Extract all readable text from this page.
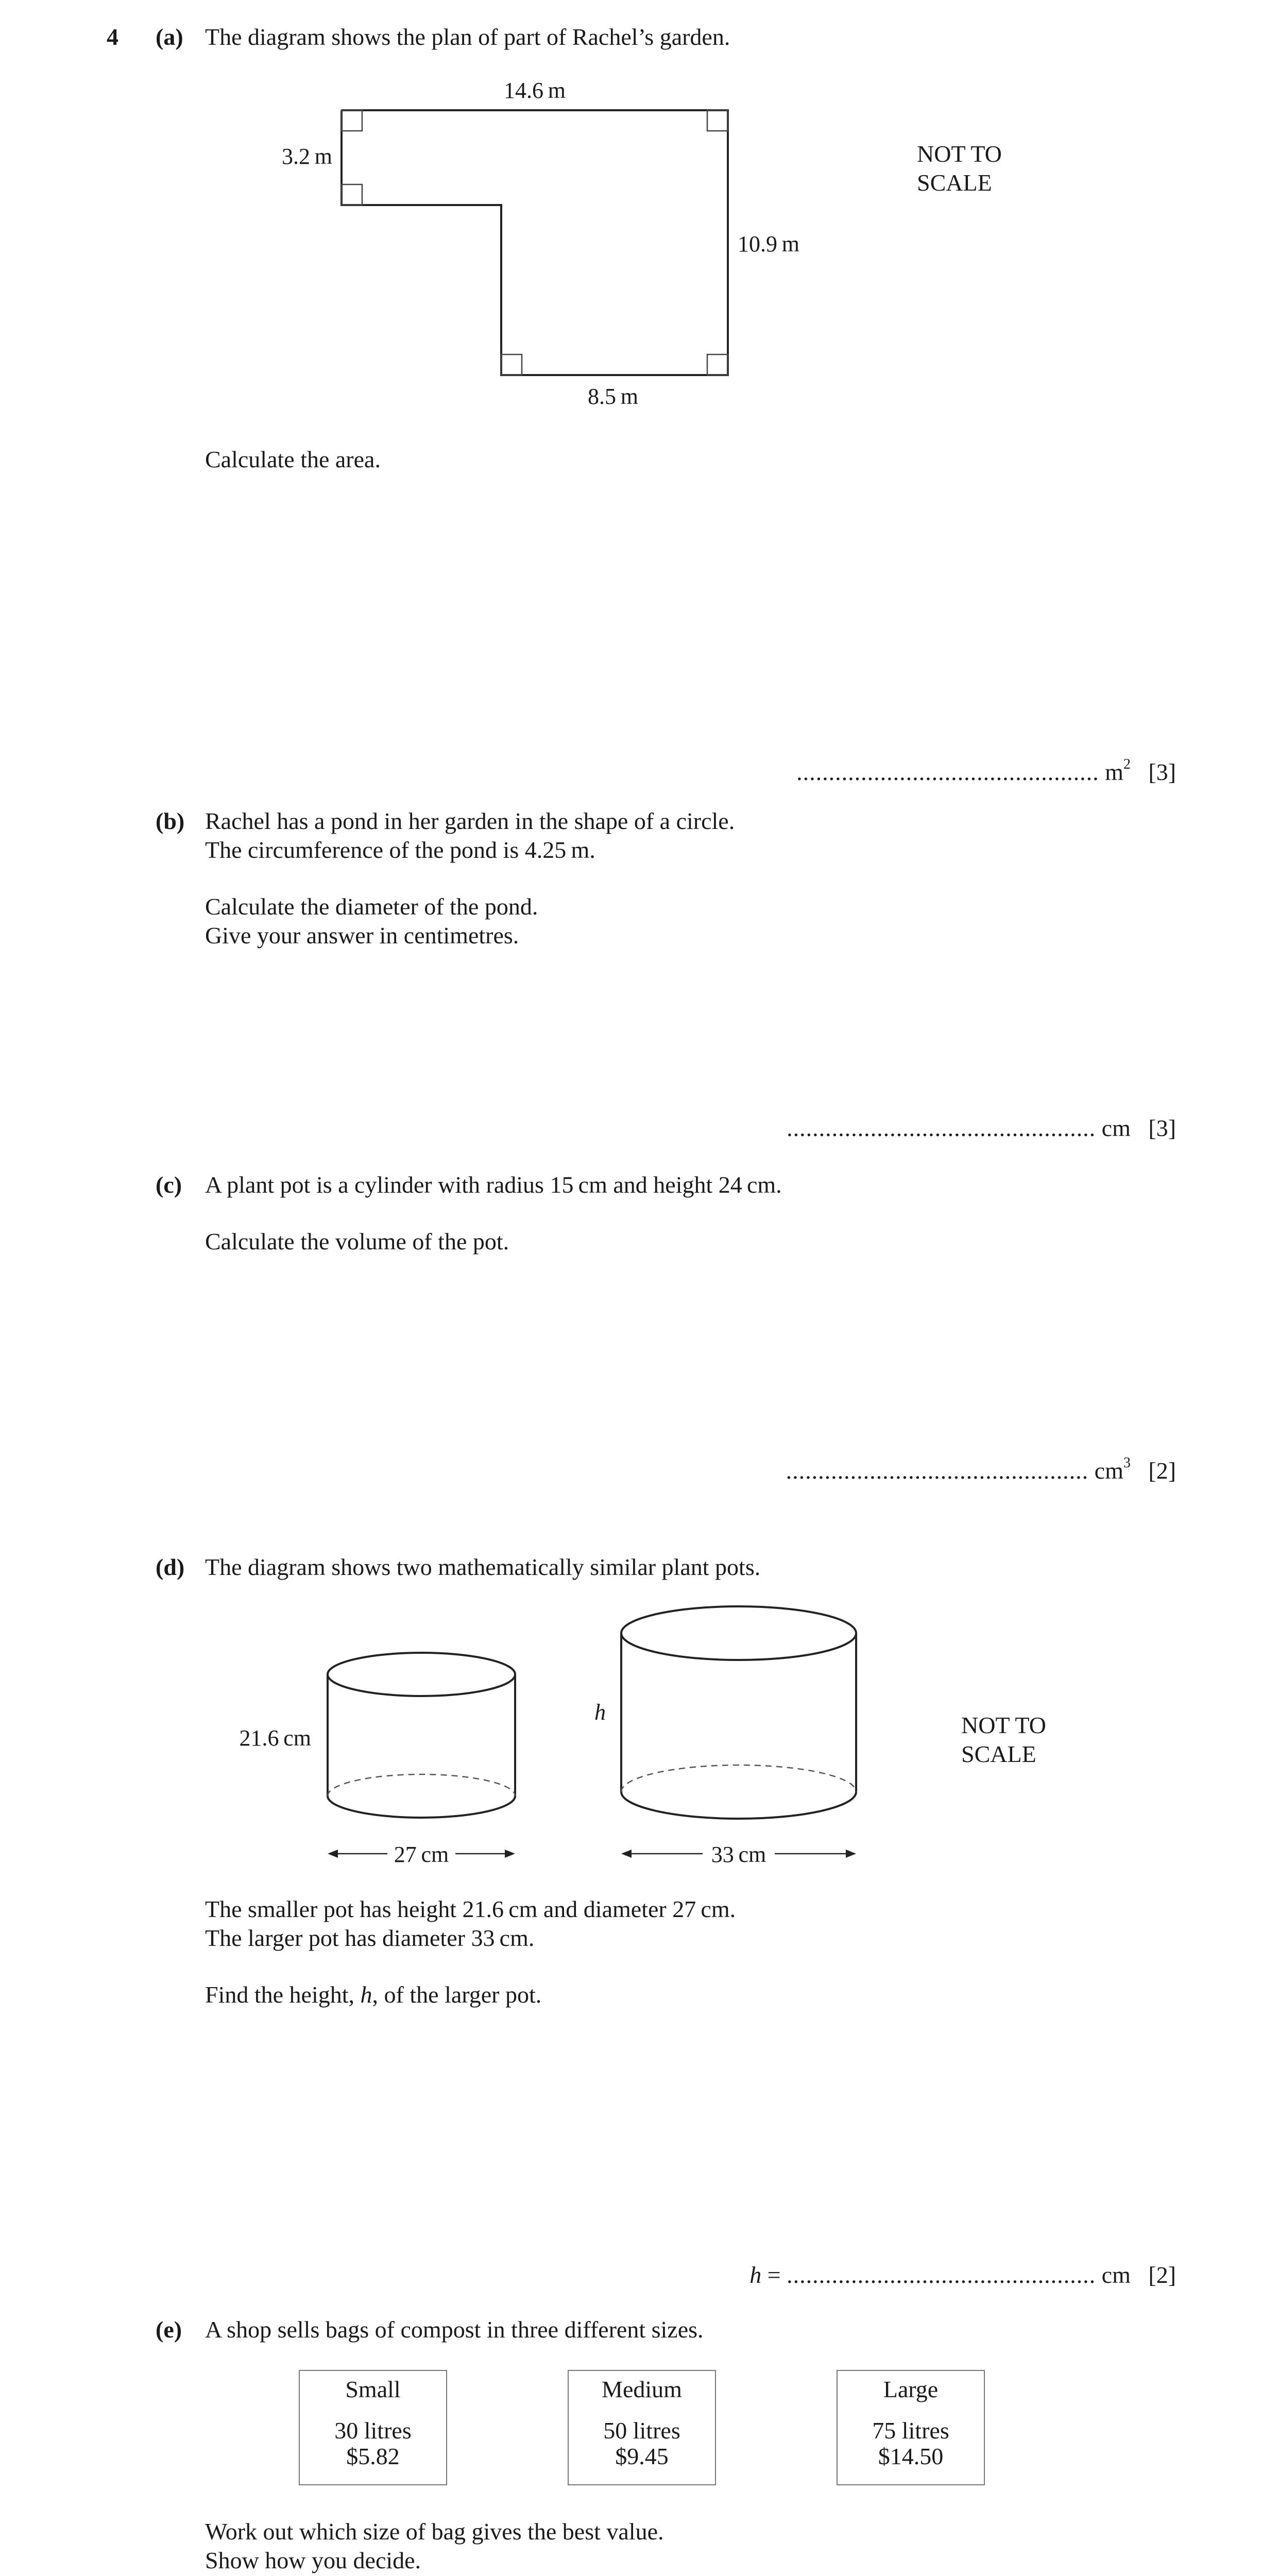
4 (a) The diagram shows the plan of part of Rachel’s garden.
14.6 m
3.2 m
10.9 m
8.5 m
NOT TO
SCALE
Calculate the area.
............................................... $m^2$ [3]
(b) Rachel has a pond in her garden in the shape of a circle.
The circumference of the pond is 4.25 m.
Calculate the diameter of the pond.
Give your answer in centimetres.
................................................ cm [3]
(c) A plant pot is a cylinder with radius 15 cm and height 24 cm.
Calculate the volume of the pot.
............................................... $cm^3$ [2]
(d) The diagram shows two mathematically similar plant pots.
21.6 cm
h
27 cm	33 cm
NOT TO
SCALE
The smaller pot has height 21.6 cm and diameter 27 cm.
The larger pot has diameter 33 cm.
Find the height, h, of the larger pot.
h = ................................................ cm [2]
(e) A shop sells bags of compost in three different sizes.
Small
30 litres
$5.82
Medium
50 litres
$9.45
Large
75 litres
$14.50
Work out which size of bag gives the best value.
Show how you decide.
